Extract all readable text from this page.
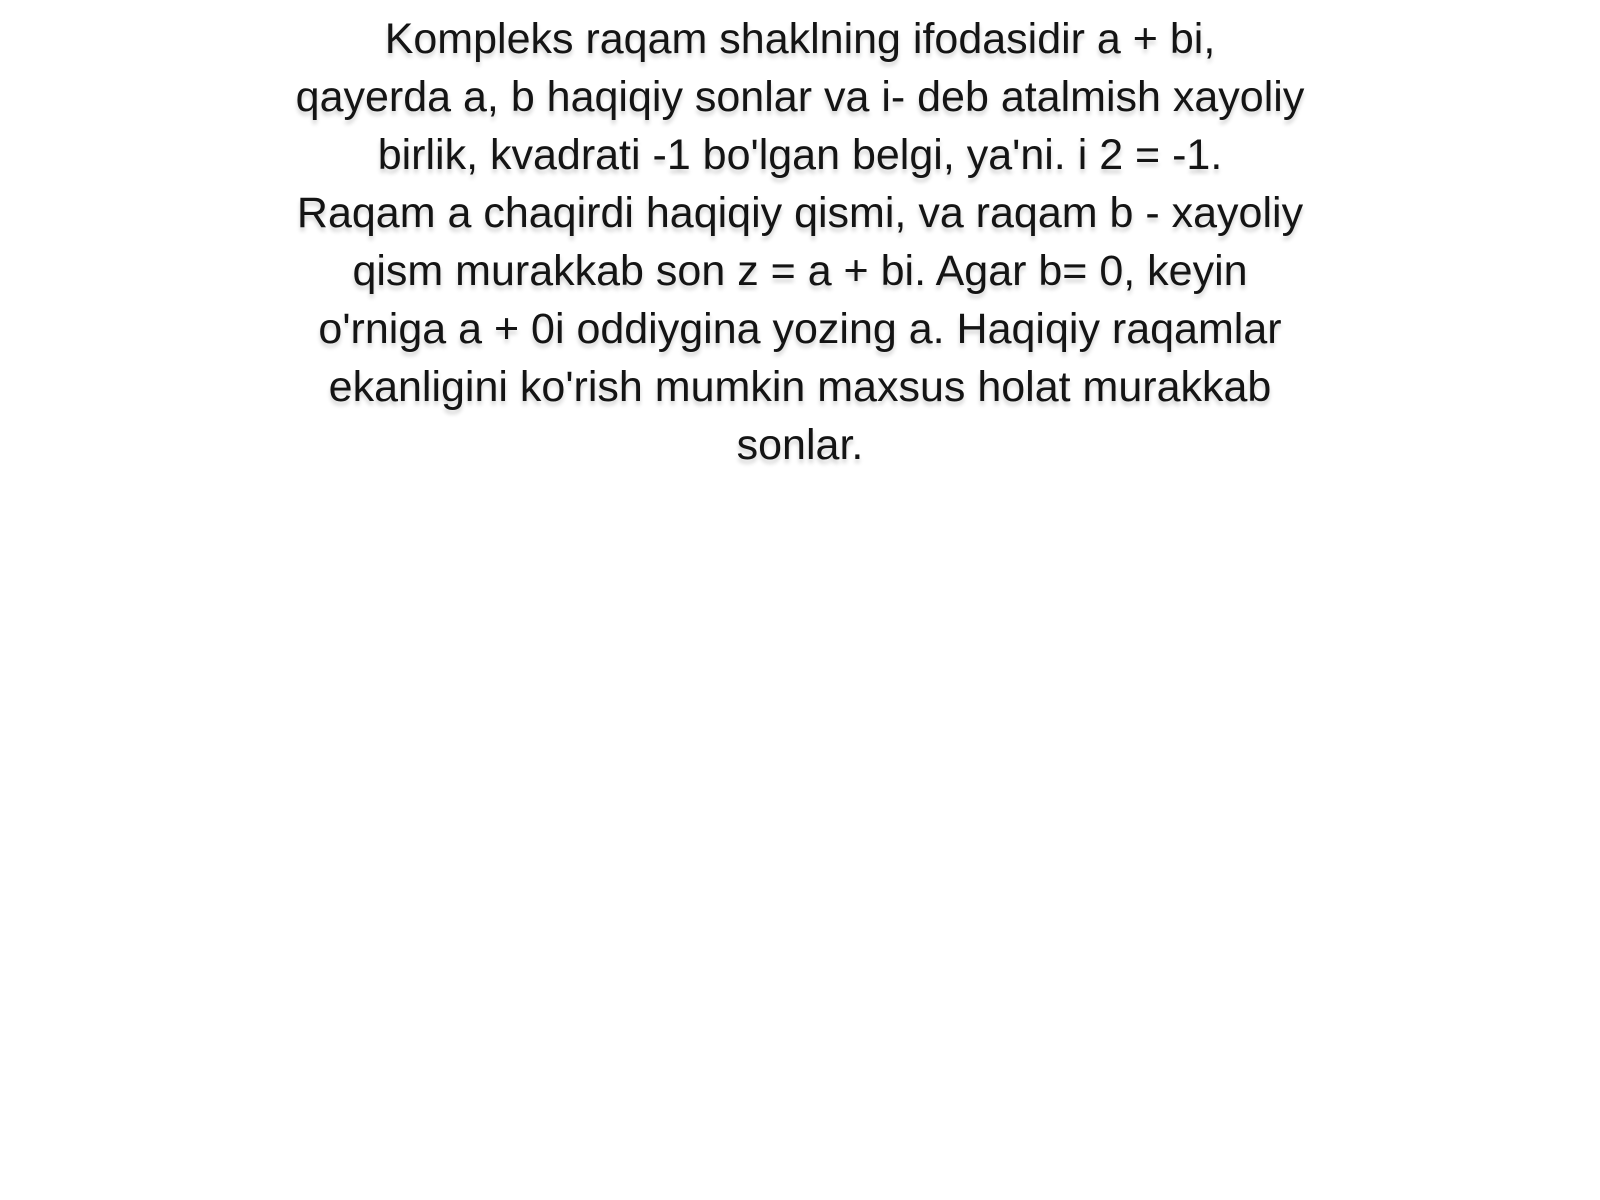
Kompleks raqam shaklning ifodasidir a + bi,
qayerda a, b haqiqiy sonlar va i- deb atalmish xayoliy
birlik, kvadrati -1 bo'lgan belgi, ya'ni. i 2 = -1.
Raqam a chaqirdi haqiqiy qismi, va raqam b - xayoliy
qism murakkab son z = a + bi. Agar b= 0, keyin
o'rniga a + 0i oddiygina yozing a. Haqiqiy raqamlar
ekanligini ko'rish mumkin maxsus holat murakkab
sonlar.
